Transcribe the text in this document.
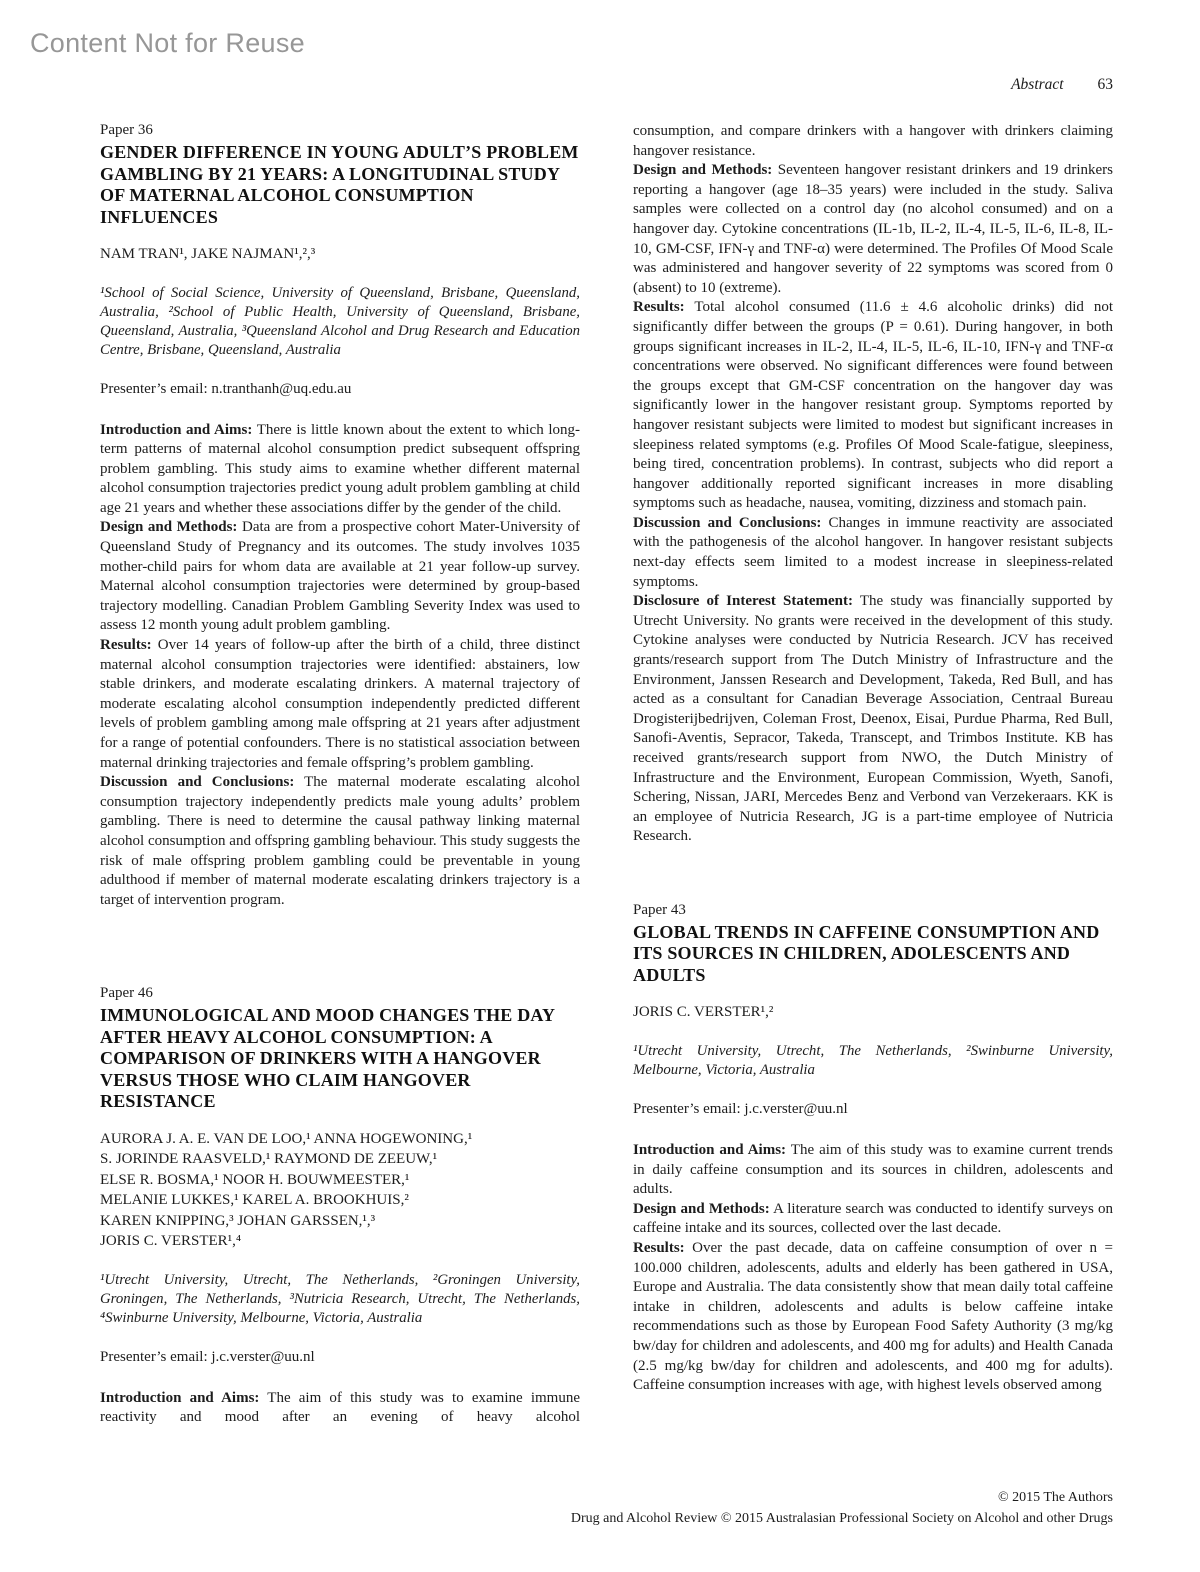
Content Not for Reuse
Abstract 63
Paper 36
GENDER DIFFERENCE IN YOUNG ADULT’S PROBLEM GAMBLING BY 21 YEARS: A LONGITUDINAL STUDY OF MATERNAL ALCOHOL CONSUMPTION INFLUENCES
NAM TRAN¹, JAKE NAJMAN¹,²,³

¹School of Social Science, University of Queensland, Brisbane, Queensland, Australia, ²School of Public Health, University of Queensland, Brisbane, Queensland, Australia, ³Queensland Alcohol and Drug Research and Education Centre, Brisbane, Queensland, Australia

Presenter’s email: n.tranthanh@uq.edu.au

Introduction and Aims: There is little known about the extent to which long-term patterns of maternal alcohol consumption predict subsequent offspring problem gambling. This study aims to examine whether different maternal alcohol consumption trajectories predict young adult problem gambling at child age 21 years and whether these associations differ by the gender of the child.

Design and Methods: Data are from a prospective cohort Mater-University of Queensland Study of Pregnancy and its outcomes. The study involves 1035 mother-child pairs for whom data are available at 21 year follow-up survey. Maternal alcohol consumption trajectories were determined by group-based trajectory modelling. Canadian Problem Gambling Severity Index was used to assess 12 month young adult problem gambling.

Results: Over 14 years of follow-up after the birth of a child, three distinct maternal alcohol consumption trajectories were identified: abstainers, low stable drinkers, and moderate escalating drinkers. A maternal trajectory of moderate escalating alcohol consumption independently predicted different levels of problem gambling among male offspring at 21 years after adjustment for a range of potential confounders. There is no statistical association between maternal drinking trajectories and female offspring’s problem gambling.

Discussion and Conclusions: The maternal moderate escalating alcohol consumption trajectory independently predicts male young adults’ problem gambling. There is need to determine the causal pathway linking maternal alcohol consumption and offspring gambling behaviour. This study suggests the risk of male offspring problem gambling could be preventable in young adulthood if member of maternal moderate escalating drinkers trajectory is a target of intervention program.

Paper 46
IMMUNOLOGICAL AND MOOD CHANGES THE DAY AFTER HEAVY ALCOHOL CONSUMPTION: A COMPARISON OF DRINKERS WITH A HANGOVER VERSUS THOSE WHO CLAIM HANGOVER RESISTANCE
AURORA J. A. E. VAN DE LOO,¹ ANNA HOGEWONING,¹
S. JORINDE RAASVELD,¹ RAYMOND DE ZEEUW,¹
ELSE R. BOSMA,¹ NOOR H. BOUWMEESTER,¹
MELANIE LUKKES,¹ KAREL A. BROOKHUIS,²
KAREN KNIPPING,³ JOHAN GARSSEN,¹,³
JORIS C. VERSTER¹,⁴

¹Utrecht University, Utrecht, The Netherlands, ²Groningen University, Groningen, The Netherlands, ³Nutricia Research, Utrecht, The Netherlands, ⁴Swinburne University, Melbourne, Victoria, Australia

Presenter’s email: j.c.verster@uu.nl

Introduction and Aims: The aim of this study was to examine immune reactivity and mood after an evening of heavy alcohol

consumption, and compare drinkers with a hangover with drinkers claiming hangover resistance.

Design and Methods: Seventeen hangover resistant drinkers and 19 drinkers reporting a hangover (age 18–35 years) were included in the study. Saliva samples were collected on a control day (no alcohol consumed) and on a hangover day. Cytokine concentrations (IL-1b, IL-2, IL-4, IL-5, IL-6, IL-8, IL-10, GM-CSF, IFN-γ and TNF-α) were determined. The Profiles Of Mood Scale was administered and hangover severity of 22 symptoms was scored from 0 (absent) to 10 (extreme).

Results: Total alcohol consumed (11.6 ± 4.6 alcoholic drinks) did not significantly differ between the groups (P = 0.61). During hangover, in both groups significant increases in IL-2, IL-4, IL-5, IL-6, IL-10, IFN-γ and TNF-α concentrations were observed. No significant differences were found between the groups except that GM-CSF concentration on the hangover day was significantly lower in the hangover resistant group. Symptoms reported by hangover resistant subjects were limited to modest but significant increases in sleepiness related symptoms (e.g. Profiles Of Mood Scale-fatigue, sleepiness, being tired, concentration problems). In contrast, subjects who did report a hangover additionally reported significant increases in more disabling symptoms such as headache, nausea, vomiting, dizziness and stomach pain.

Discussion and Conclusions: Changes in immune reactivity are associated with the pathogenesis of the alcohol hangover. In hangover resistant subjects next-day effects seem limited to a modest increase in sleepiness-related symptoms.

Disclosure of Interest Statement: The study was financially supported by Utrecht University. No grants were received in the development of this study. Cytokine analyses were conducted by Nutricia Research. JCV has received grants/research support from The Dutch Ministry of Infrastructure and the Environment, Janssen Research and Development, Takeda, Red Bull, and has acted as a consultant for Canadian Beverage Association, Centraal Bureau Drogisterijbedrijven, Coleman Frost, Deenox, Eisai, Purdue Pharma, Red Bull, Sanofi-Aventis, Sepracor, Takeda, Transcept, and Trimbos Institute. KB has received grants/research support from NWO, the Dutch Ministry of Infrastructure and the Environment, European Commission, Wyeth, Sanofi, Schering, Nissan, JARI, Mercedes Benz and Verbond van Verzekeraars. KK is an employee of Nutricia Research, JG is a part-time employee of Nutricia Research.

Paper 43
GLOBAL TRENDS IN CAFFEINE CONSUMPTION AND ITS SOURCES IN CHILDREN, ADOLESCENTS AND ADULTS
JORIS C. VERSTER¹,²

¹Utrecht University, Utrecht, The Netherlands, ²Swinburne University, Melbourne, Victoria, Australia

Presenter’s email: j.c.verster@uu.nl

Introduction and Aims: The aim of this study was to examine current trends in daily caffeine consumption and its sources in children, adolescents and adults.

Design and Methods: A literature search was conducted to identify surveys on caffeine intake and its sources, collected over the last decade.

Results: Over the past decade, data on caffeine consumption of over n = 100.000 children, adolescents, adults and elderly has been gathered in USA, Europe and Australia. The data consistently show that mean daily total caffeine intake in children, adolescents and adults is below caffeine intake recommendations such as those by European Food Safety Authority (3 mg/kg bw/day for children and adolescents, and 400 mg for adults) and Health Canada (2.5 mg/kg bw/day for children and adolescents, and 400 mg for adults). Caffeine consumption increases with age, with highest levels observed among

© 2015 The Authors
Drug and Alcohol Review © 2015 Australasian Professional Society on Alcohol and other Drugs
